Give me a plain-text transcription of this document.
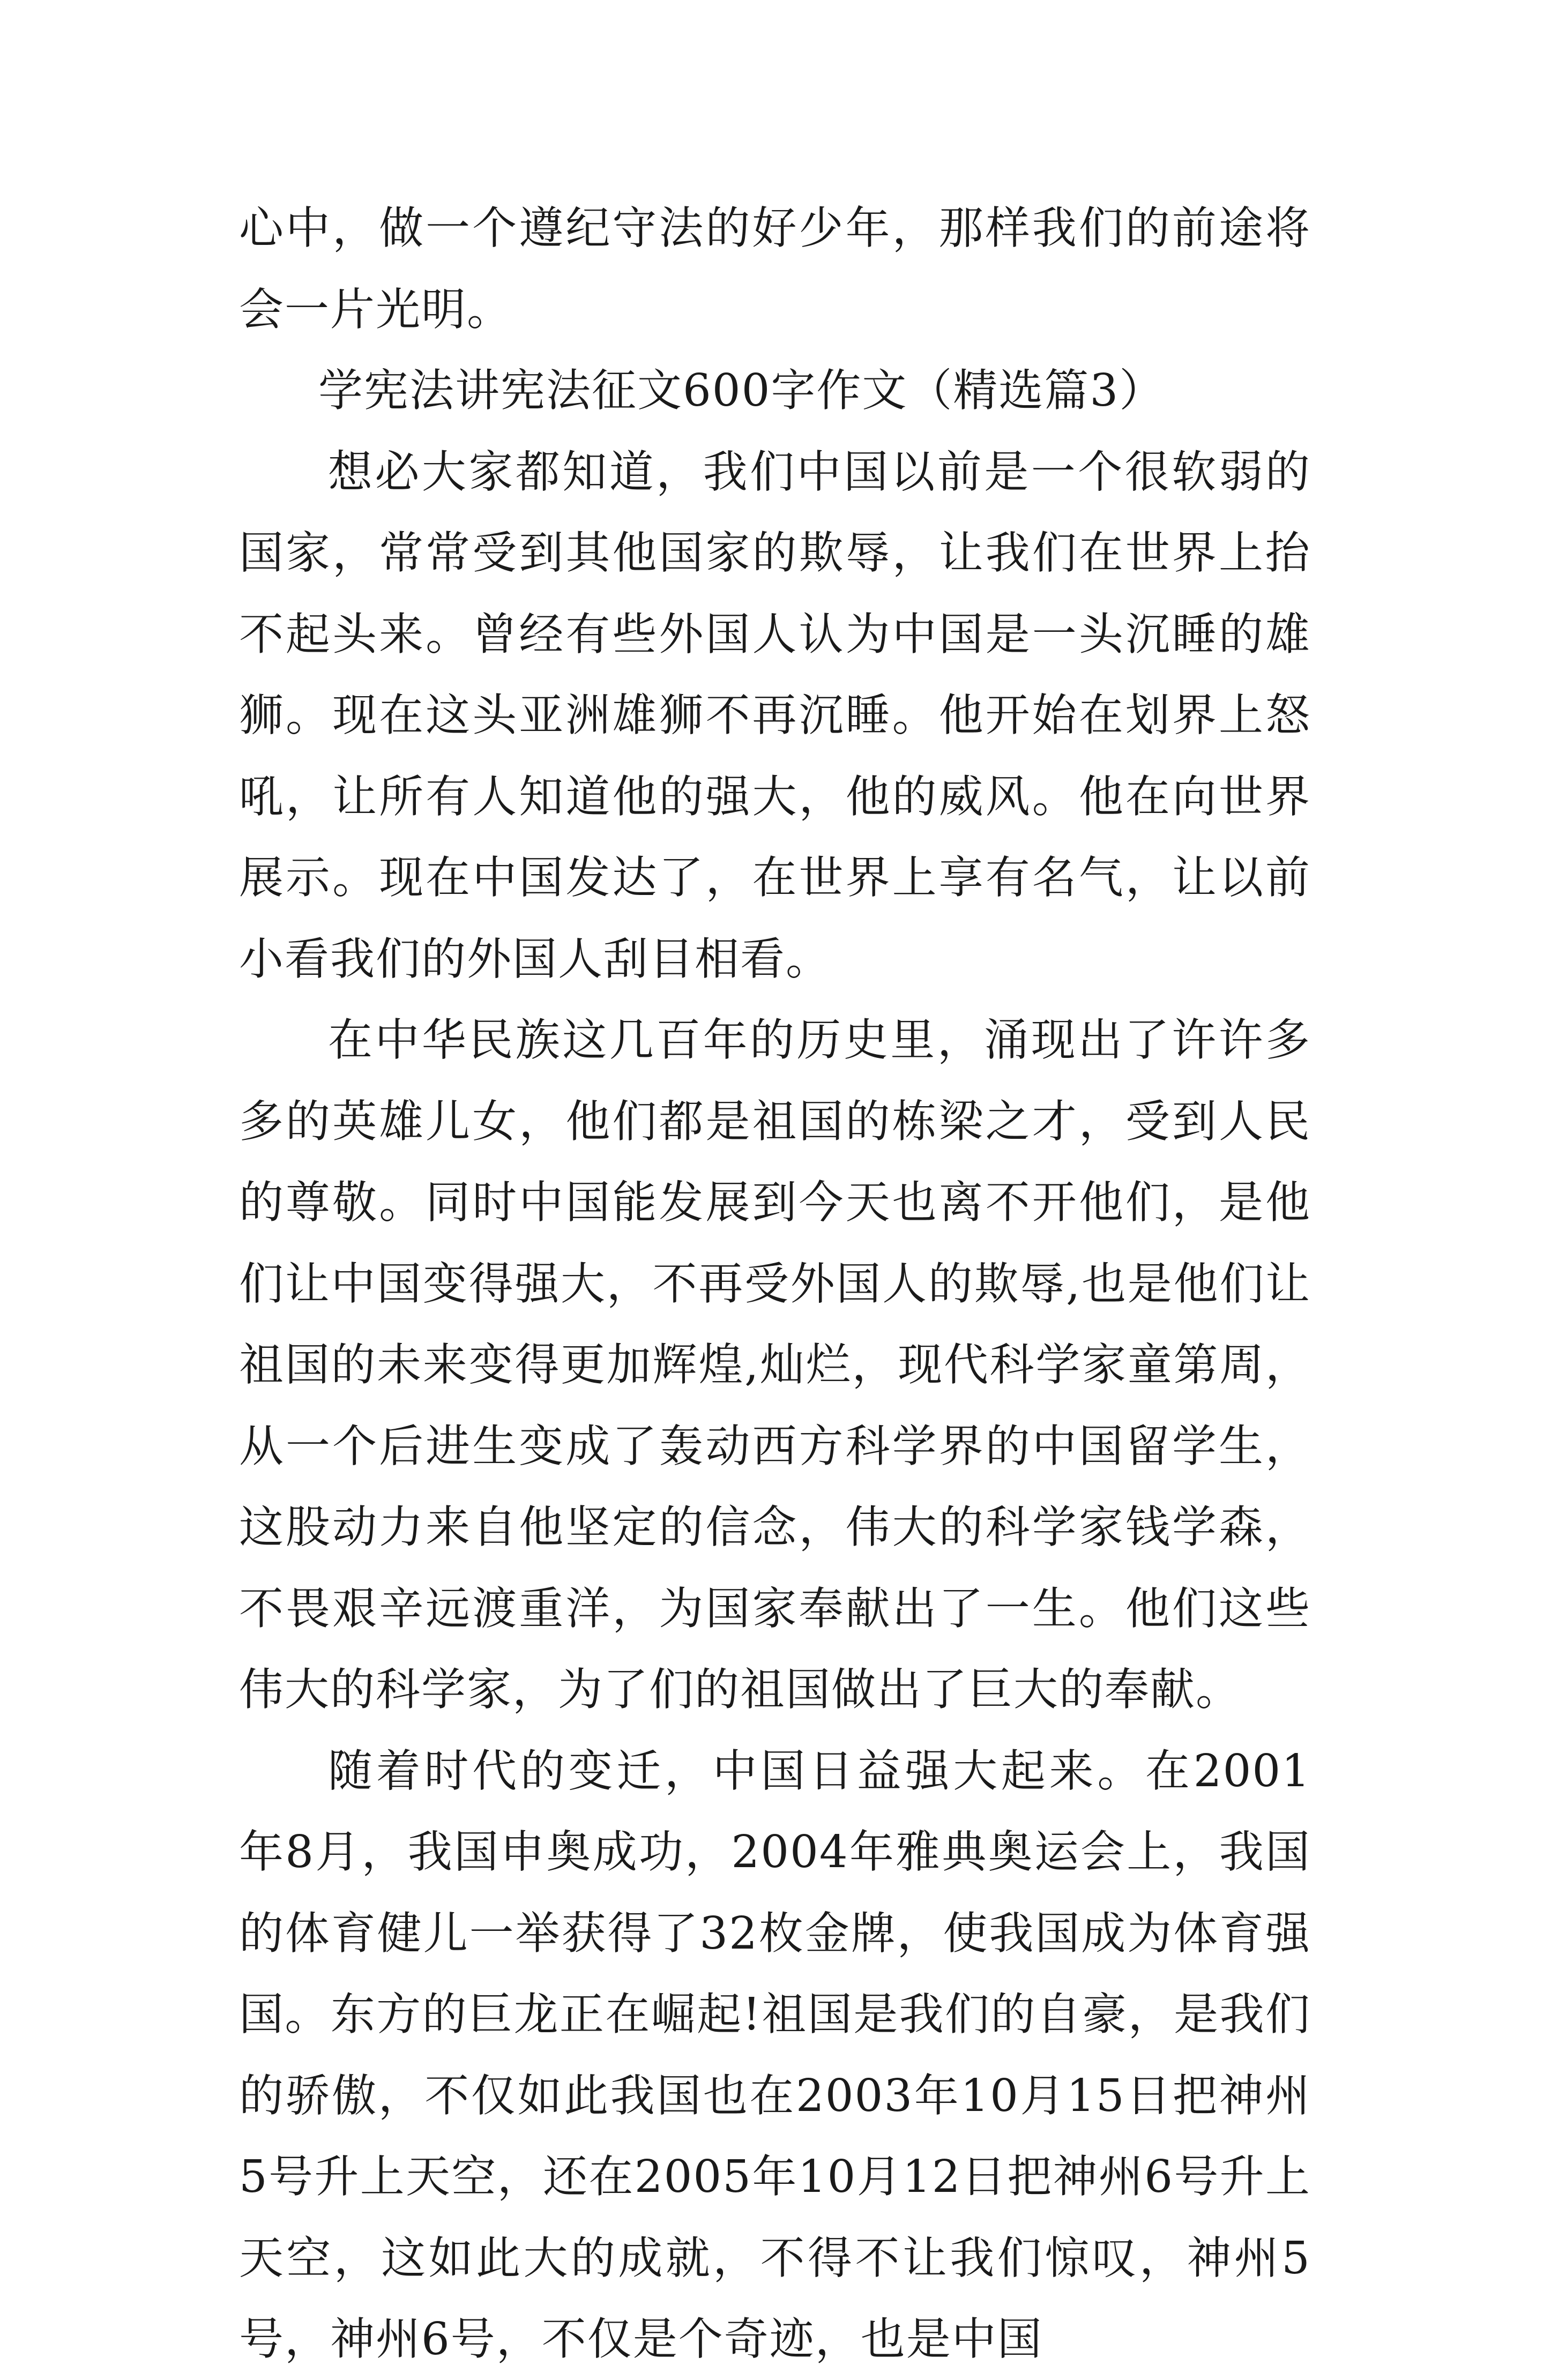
心中，做一个遵纪守法的好少年，那样我们的前途将会一片光明。

学宪法讲宪法征文600字作文（精选篇3）

想必大家都知道，我们中国以前是一个很软弱的国家，常常受到其他国家的欺辱，让我们在世界上抬不起头来。曾经有些外国人认为中国是一头沉睡的雄狮。现在这头亚洲雄狮不再沉睡。他开始在划界上怒吼，让所有人知道他的强大，他的威风。他在向世界展示。现在中国发达了，在世界上享有名气，让以前小看我们的外国人刮目相看。

在中华民族这几百年的历史里，涌现出了许许多多的英雄儿女，他们都是祖国的栋梁之才，受到人民的尊敬。同时中国能发展到今天也离不开他们，是他们让中国变得强大，不再受外国人的欺辱,也是他们让祖国的未来变得更加辉煌,灿烂，现代科学家童第周，从一个后进生变成了轰动西方科学界的中国留学生，这股动力来自他坚定的信念，伟大的科学家钱学森，不畏艰辛远渡重洋，为国家奉献出了一生。他们这些伟大的科学家，为了们的祖国做出了巨大的奉献。

随着时代的变迁，中国日益强大起来。在2001年8月，我国申奥成功，2004年雅典奥运会上，我国的体育健儿一举获得了32枚金牌，使我国成为体育强国。东方的巨龙正在崛起!祖国是我们的自豪，是我们的骄傲，不仅如此我国也在2003年10月15日把神州5号升上天空，还在2005年10月12日把神州6号升上天空，这如此大的成就，不得不让我们惊叹，神州5号，神州6号，不仅是个奇迹，也是中国
